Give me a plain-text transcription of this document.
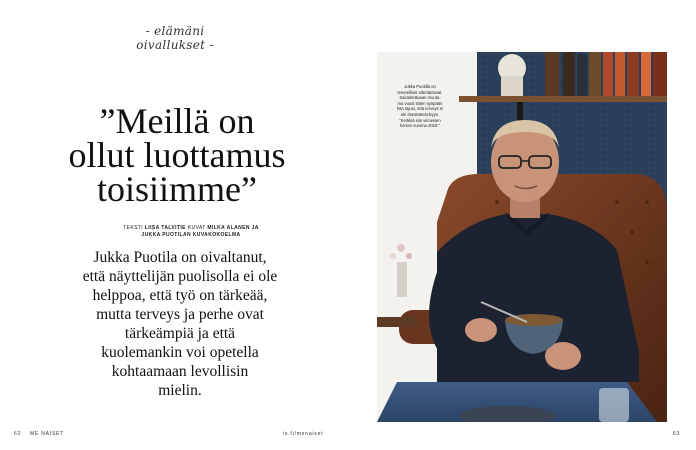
- elämäni oivallukset -
”Meillä on
ollut luottamus
toisiimme”
TEKSTI LIISA TALVITIE KUVAT MILKA ALANEN JA
JUKKA PUOTILAN KUVAKOKOELMA
Jukka Puotila on oivaltanut,
että näyttelijän puolisolla ei ole
helppoa, että työ on tärkeää,
mutta terveys ja perhe ovat
tärkeämpiä ja että
kuolemankin voi opetella
kohtaamaan levollisin
mielin.
Jukka Puotilla on
terveelliset elämäntavat.
Sairastettuaan muuta-
ma vuosi sitten syöpään
hän tajusi, että terveys ei
ole itsestäänselvyys.
”Kerkkiä siin viimeisen
kerran vuonna 2019.”
62 ME NAISET	is.fi/menaiset	63
